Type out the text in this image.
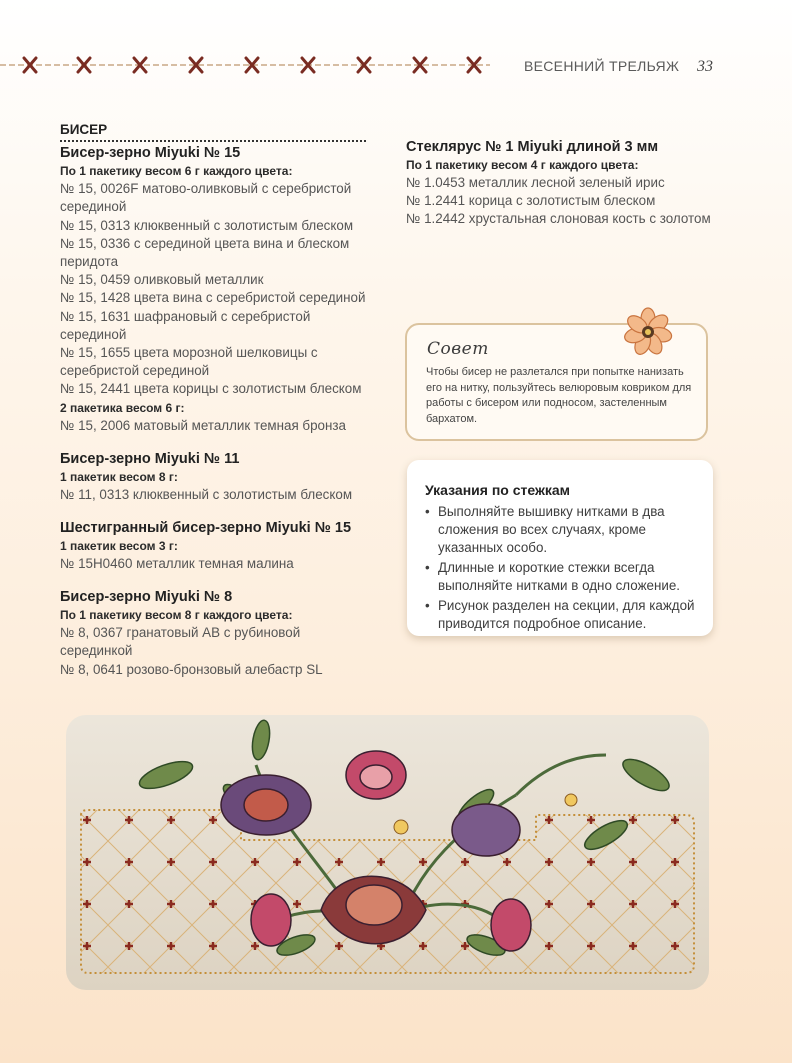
ВЕСЕННИЙ ТРЕЛЬЯЖ 33
БИСЕР
Бисер-зерно Miyuki № 15
По 1 пакетику весом 6 г каждого цвета:
№ 15, 0026F матово-оливковый с серебристой серединой
№ 15, 0313 клюквенный с золотистым блеском
№ 15, 0336 с серединой цвета вина и блеском перидота
№ 15, 0459 оливковый металлик
№ 15, 1428 цвета вина с серебристой серединой
№ 15, 1631 шафрановый с серебристой серединой
№ 15, 1655 цвета морозной шелковицы с серебристой серединой
№ 15, 2441 цвета корицы с золотистым блеском
2 пакетика весом 6 г:
№ 15, 2006 матовый металлик темная бронза
Бисер-зерно Miyuki № 11
1 пакетик весом 8 г:
№ 11, 0313 клюквенный с золотистым блеском
Шестигранный бисер-зерно Miyuki № 15
1 пакетик весом 3 г:
№ 15H0460 металлик темная малина
Бисер-зерно Miyuki № 8
По 1 пакетику весом 8 г каждого цвета:
№ 8, 0367 гранатовый AB с рубиновой серединкой
№ 8, 0641 розово-бронзовый алебастр SL
Стеклярус № 1 Miyuki длиной 3 мм
По 1 пакетику весом 4 г каждого цвета:
№ 1.0453 металлик лесной зеленый ирис
№ 1.2441 корица с золотистым блеском
№ 1.2442 хрустальная слоновая кость с золотом
Совет
Чтобы бисер не разлетался при попытке нанизать его на нитку, пользуйтесь велюровым ковриком для работы с бисером или подносом, застеленным бархатом.
Указания по стежкам
• Выполняйте вышивку нитками в два сложения во всех случаях, кроме указанных особо.
• Длинные и короткие стежки всегда выполняйте нитками в одно сложение.
• Рисунок разделен на секции, для каждой приводится подробное описание.
